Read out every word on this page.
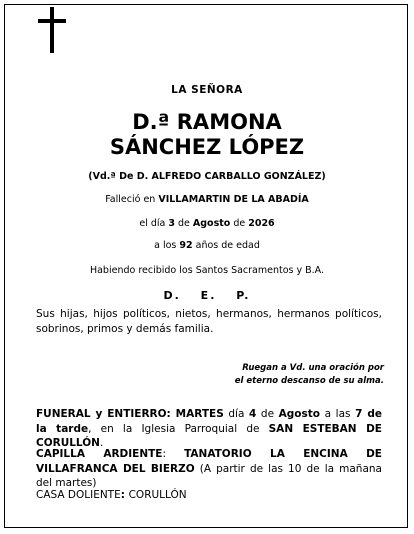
LA SEÑORA
D.ª RAMONA
SÁNCHEZ LÓPEZ
(Vd.ª De D. ALFREDO CARBALLO GONZÁLEZ)
Falleció en VILLAMARTIN DE LA ABADÍA
el día 3 de Agosto de 2026
a los 92 años de edad
Habiendo recibido los Santos Sacramentos y B.A.
D. E. P.
Sus hijas, hijos políticos, nietos, hermanos, hermanos políticos, sobrinos, primos y demás familia.
Ruegan a Vd. una oración por
el eterno descanso de su alma.
FUNERAL y ENTIERRO: MARTES día 4 de Agosto a las 7 de la tarde, en la Iglesia Parroquial de SAN ESTEBAN DE CORULLÓN.
CAPILLA ARDIENTE: TANATORIO LA ENCINA DE VILLAFRANCA DEL BIERZO (A partir de las 10 de la mañana del martes)
CASA DOLIENTE: CORULLÓN
